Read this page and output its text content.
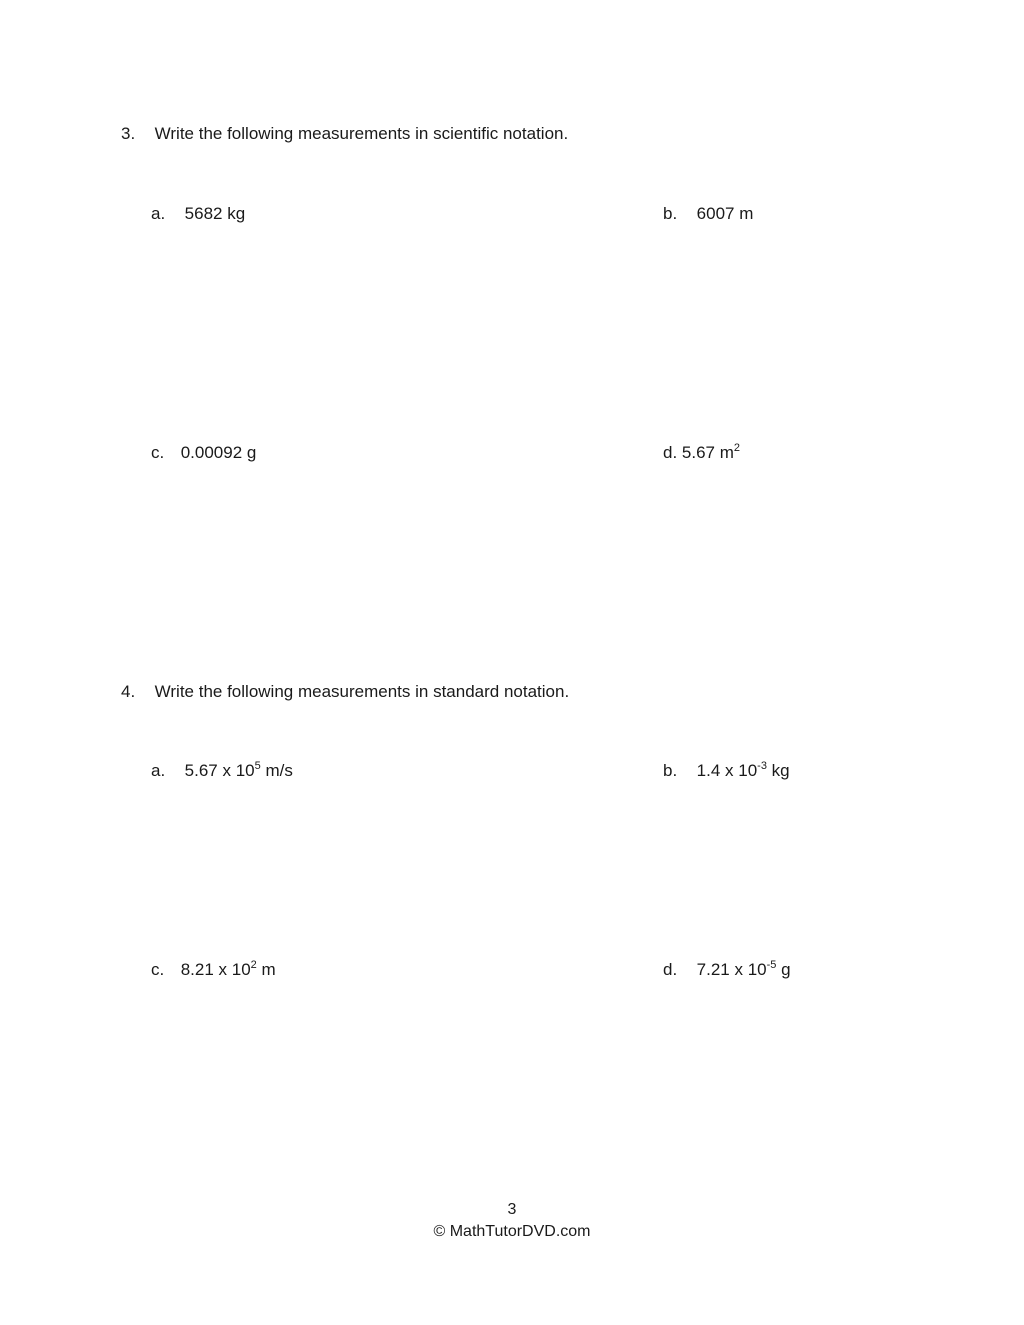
3. Write the following measurements in scientific notation.
a. 5682 kg	b. 6007 m
c. 0.00092 g	d. 5.67 $m^2$
4. Write the following measurements in standard notation.
a. 5.67 x $10^5$ m/s	b. 1.4 x $10^{-3}$ kg
c. 8.21 x $10^2$ m	d. 7.21 x $10^{-5}$ g
3
© MathTutorDVD.com
